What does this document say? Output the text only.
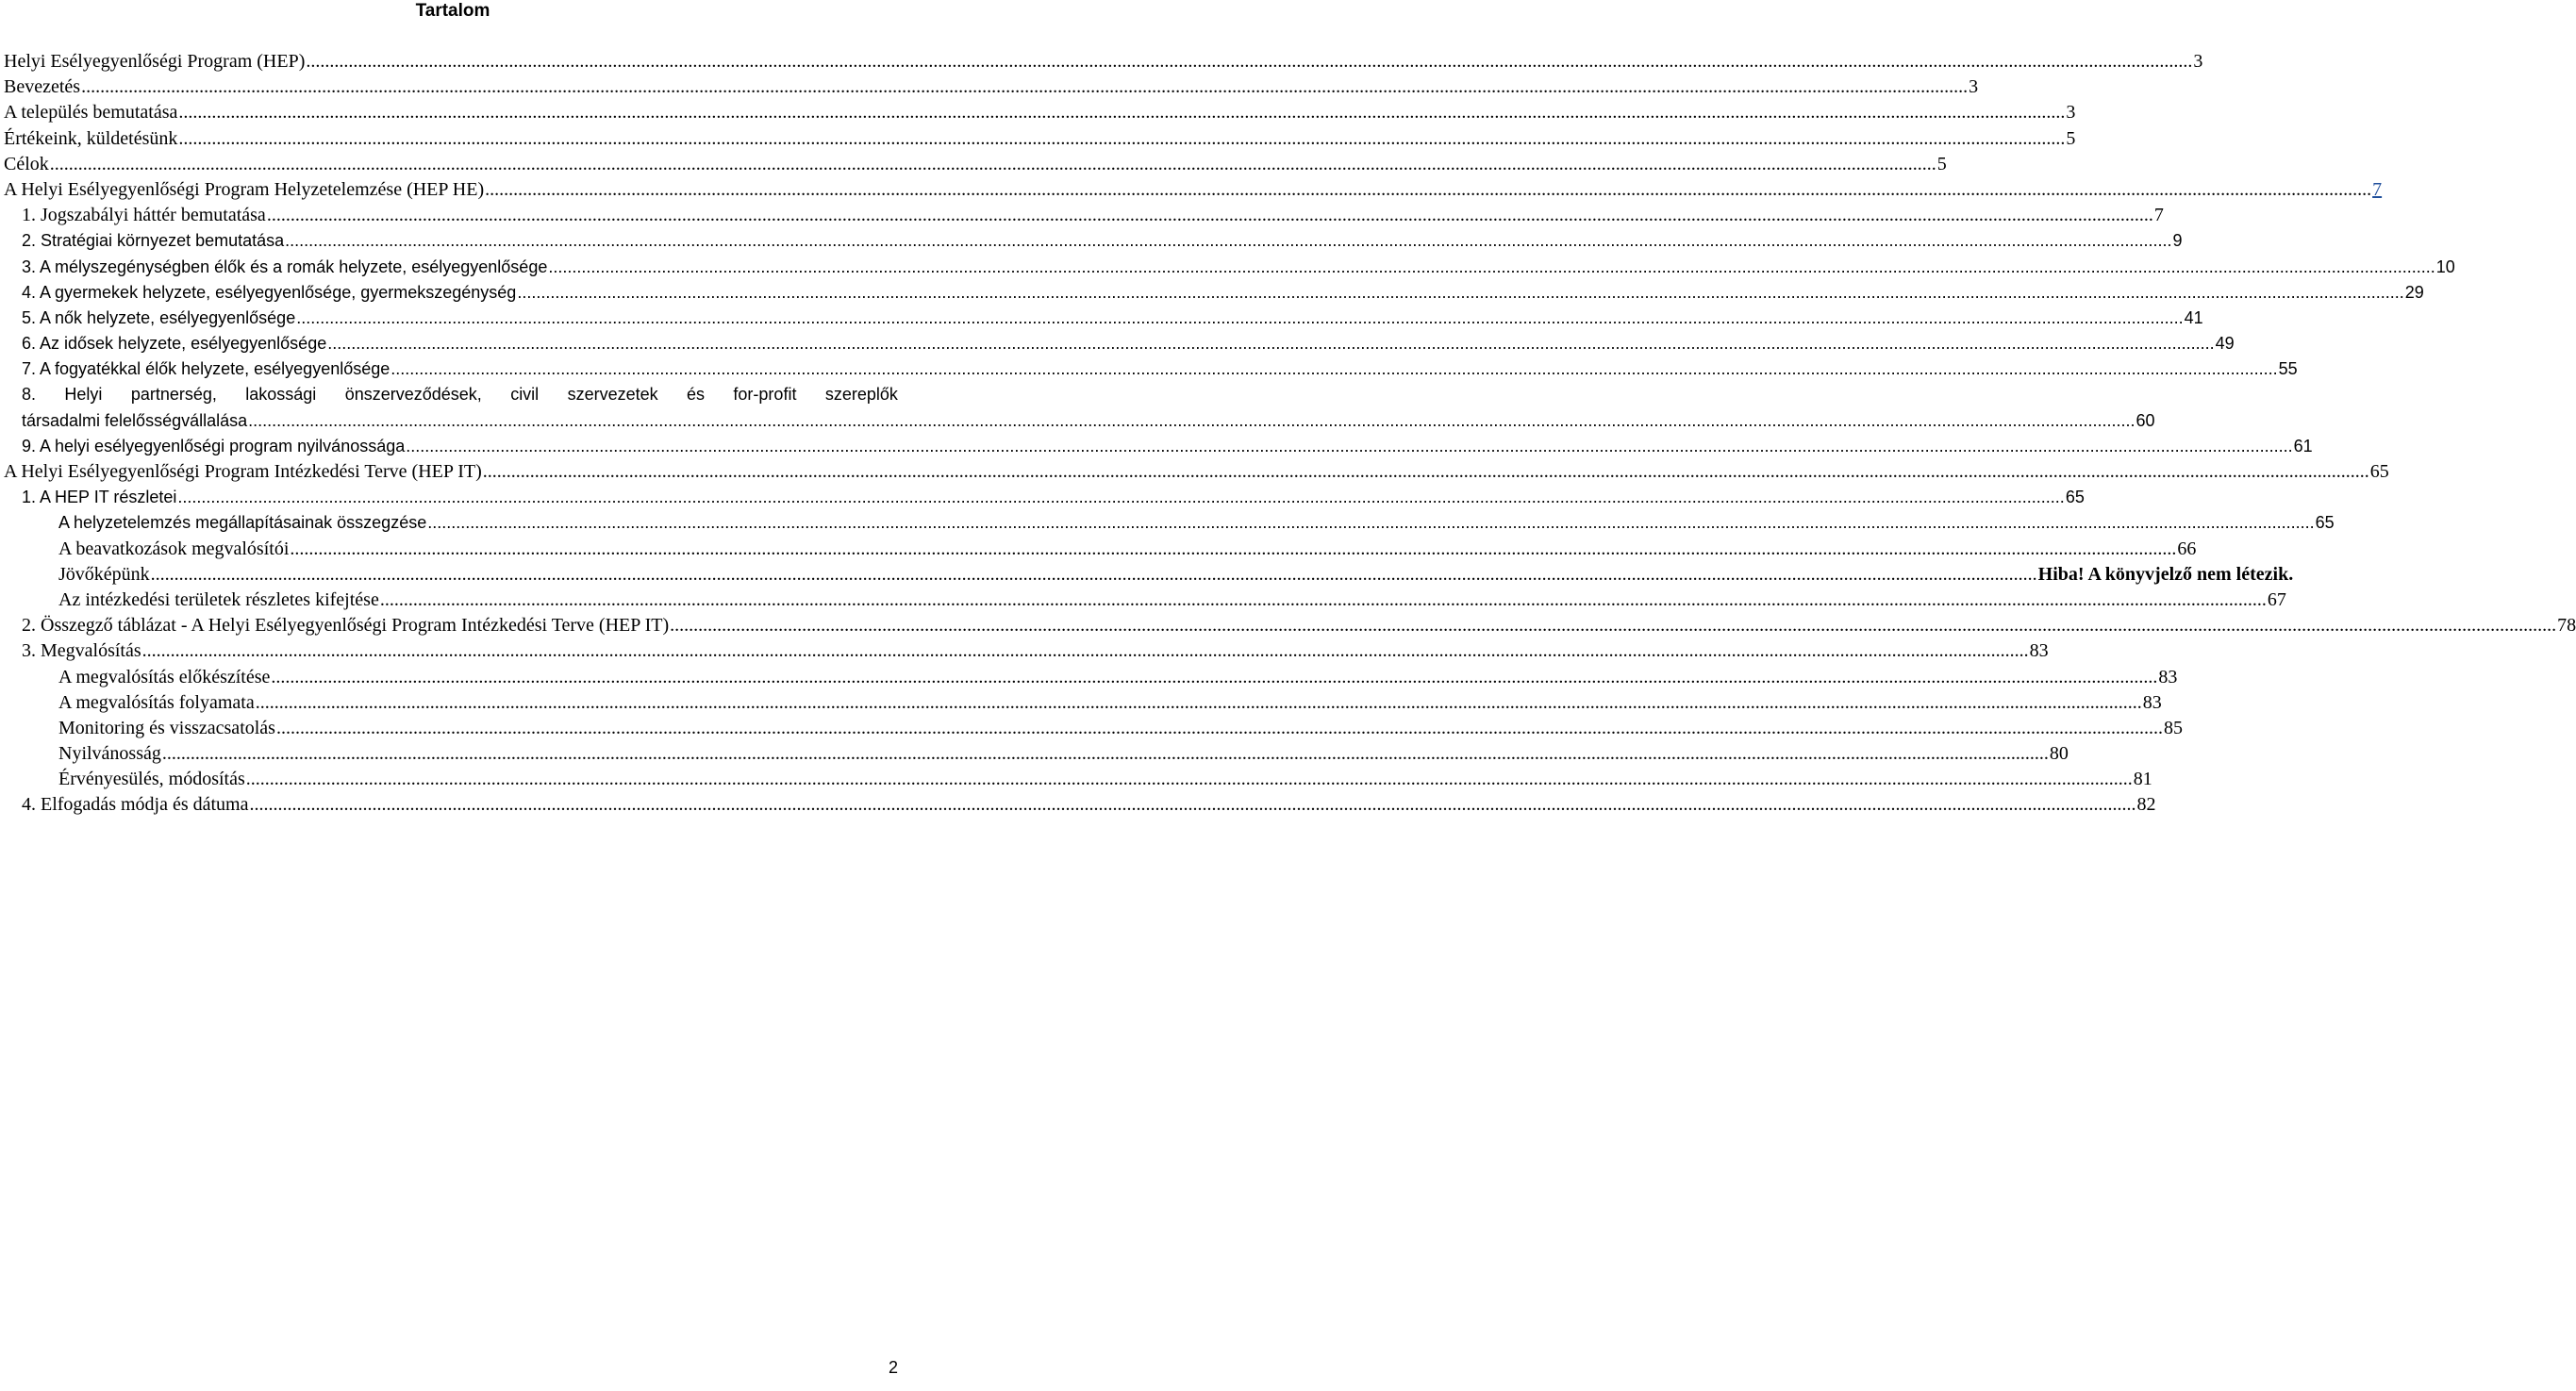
Tartalom
Helyi Esélyegyenlőségi Program (HEP) ................................................................................................................................................................................................................................................................................................................................................................................................................ 3
Bevezetés ................................................................................................................................................................................................................................................................................................................................................................................................................ 3
A település bemutatása ................................................................................................................................................................................................................................................................................................................................................................................................................ 3
Értékeink, küldetésünk ................................................................................................................................................................................................................................................................................................................................................................................................................ 5
Célok ................................................................................................................................................................................................................................................................................................................................................................................................................ 5
A Helyi Esélyegyenlőségi Program Helyzetelemzése (HEP HE) ................................................................................................................................................................................................................................................................................................................................................................................................................ 7
1. Jogszabályi háttér bemutatása ................................................................................................................................................................................................................................................................................................................................................................................................................ 7
2. Stratégiai környezet bemutatása ................................................................................................................................................................................................................................................................................................................................................................................................................ 9
3. A mélyszegénységben élők és a romák helyzete, esélyegyenlősége ................................................................................................................................................................................................................................................................................................................................................................................................................ 10
4. A gyermekek helyzete, esélyegyenlősége, gyermekszegénység ................................................................................................................................................................................................................................................................................................................................................................................................................ 29
5. A nők helyzete, esélyegyenlősége ................................................................................................................................................................................................................................................................................................................................................................................................................ 41
6. Az idősek helyzete, esélyegyenlősége ................................................................................................................................................................................................................................................................................................................................................................................................................ 49
7. A fogyatékkal élők helyzete, esélyegyenlősége ................................................................................................................................................................................................................................................................................................................................................................................................................ 55
8. Helyi partnerség, lakossági önszerveződések, civil szervezetek és for-profit szereplők
társadalmi felelősségvállalása ................................................................................................................................................................................................................................................................................................................................................................................................................ 60
9. A helyi esélyegyenlőségi program nyilvánossága ................................................................................................................................................................................................................................................................................................................................................................................................................ 61
A Helyi Esélyegyenlőségi Program Intézkedési Terve (HEP IT) ................................................................................................................................................................................................................................................................................................................................................................................................................ 65
1. A HEP IT részletei ................................................................................................................................................................................................................................................................................................................................................................................................................ 65
A helyzetelemzés megállapításainak összegzése ................................................................................................................................................................................................................................................................................................................................................................................................................ 65
A beavatkozások megvalósítói ................................................................................................................................................................................................................................................................................................................................................................................................................ 66
Jövőképünk ................................................................................................................................................................................................................................................................................................................................................................................................................ Hiba! A könyvjelző nem létezik.
Az intézkedési területek részletes kifejtése ................................................................................................................................................................................................................................................................................................................................................................................................................ 67
2. Összegző táblázat - A Helyi Esélyegyenlőségi Program Intézkedési Terve (HEP IT) ................................................................................................................................................................................................................................................................................................................................................................................................................ 78
3. Megvalósítás ................................................................................................................................................................................................................................................................................................................................................................................................................ 83
A megvalósítás előkészítése ................................................................................................................................................................................................................................................................................................................................................................................................................ 83
A megvalósítás folyamata ................................................................................................................................................................................................................................................................................................................................................................................................................ 83
Monitoring és visszacsatolás ................................................................................................................................................................................................................................................................................................................................................................................................................ 85
Nyilvánosság ................................................................................................................................................................................................................................................................................................................................................................................................................ 80
Érvényesülés, módosítás ................................................................................................................................................................................................................................................................................................................................................................................................................ 81
4. Elfogadás módja és dátuma ................................................................................................................................................................................................................................................................................................................................................................................................................ 82
2
